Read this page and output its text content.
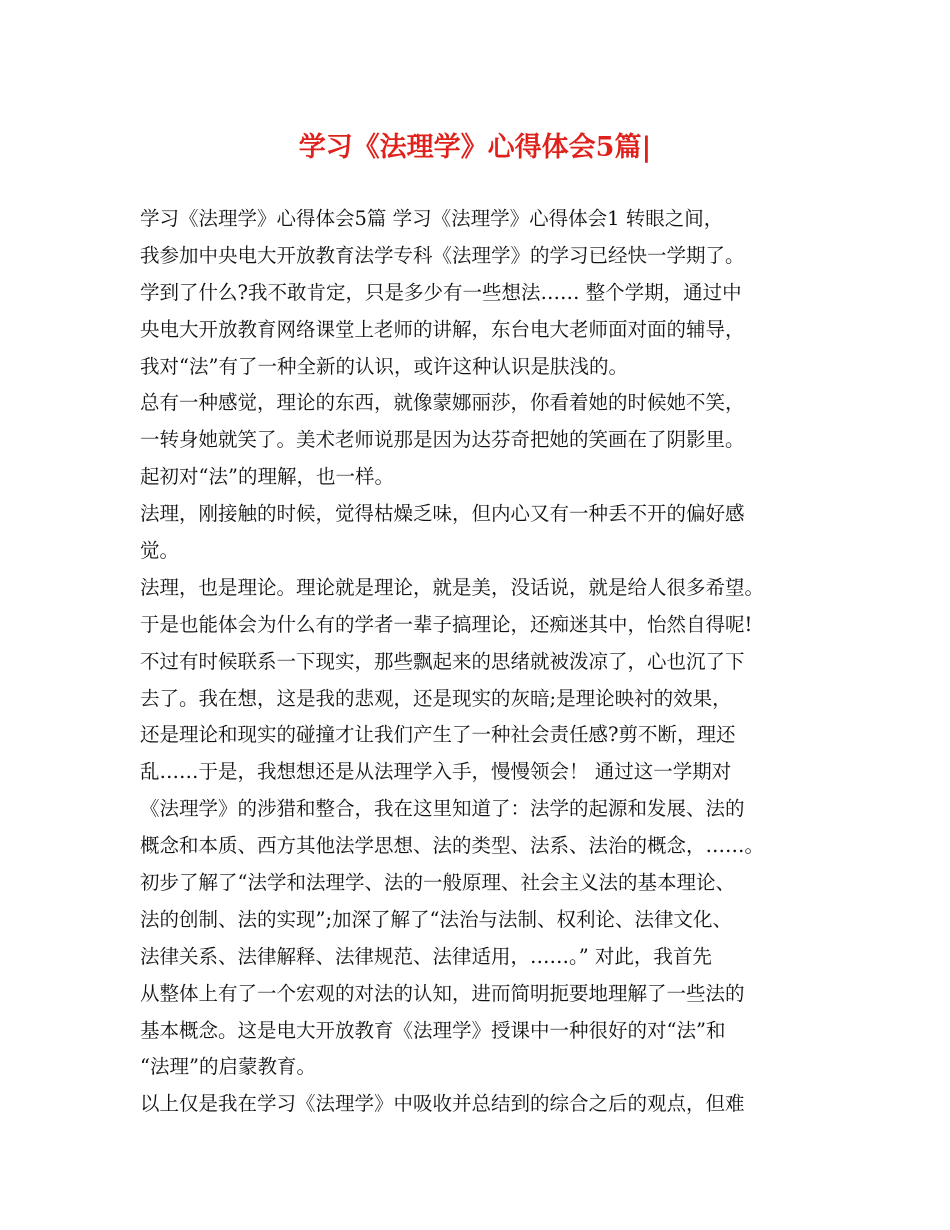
学习《法理学》心得体会5篇|
学习《法理学》心得体会5篇 学习《法理学》心得体会1 转眼之间，
我参加中央电大开放教育法学专科《法理学》的学习已经快一学期了。
学到了什么?我不敢肯定，只是多少有一些想法…… 整个学期，通过中
央电大开放教育网络课堂上老师的讲解，东台电大老师面对面的辅导，
我对“法”有了一种全新的认识，或许这种认识是肤浅的。
总有一种感觉，理论的东西，就像蒙娜丽莎，你看着她的时候她不笑，
一转身她就笑了。美术老师说那是因为达芬奇把她的笑画在了阴影里。
起初对“法”的理解，也一样。
法理，刚接触的时候，觉得枯燥乏味，但内心又有一种丢不开的偏好感
觉。
法理，也是理论。理论就是理论，就是美，没话说，就是给人很多希望。
于是也能体会为什么有的学者一辈子搞理论，还痴迷其中，怡然自得呢!
不过有时候联系一下现实，那些飘起来的思绪就被泼凉了，心也沉了下
去了。我在想，这是我的悲观，还是现实的灰暗;是理论映衬的效果，
还是理论和现实的碰撞才让我们产生了一种社会责任感?剪不断，理还
乱……于是，我想想还是从法理学入手，慢慢领会！ 通过这一学期对
《法理学》的涉猎和整合，我在这里知道了：法学的起源和发展、法的
概念和本质、西方其他法学思想、法的类型、法系、法治的概念，……。
初步了解了“法学和法理学、法的一般原理、社会主义法的基本理论、
法的创制、法的实现”;加深了解了“法治与法制、权利论、法律文化、
法律关系、法律解释、法律规范、法律适用，……。” 对此，我首先
从整体上有了一个宏观的对法的认知，进而简明扼要地理解了一些法的
基本概念。这是电大开放教育《法理学》授课中一种很好的对“法”和
“法理”的启蒙教育。
以上仅是我在学习《法理学》中吸收并总结到的综合之后的观点，但难
